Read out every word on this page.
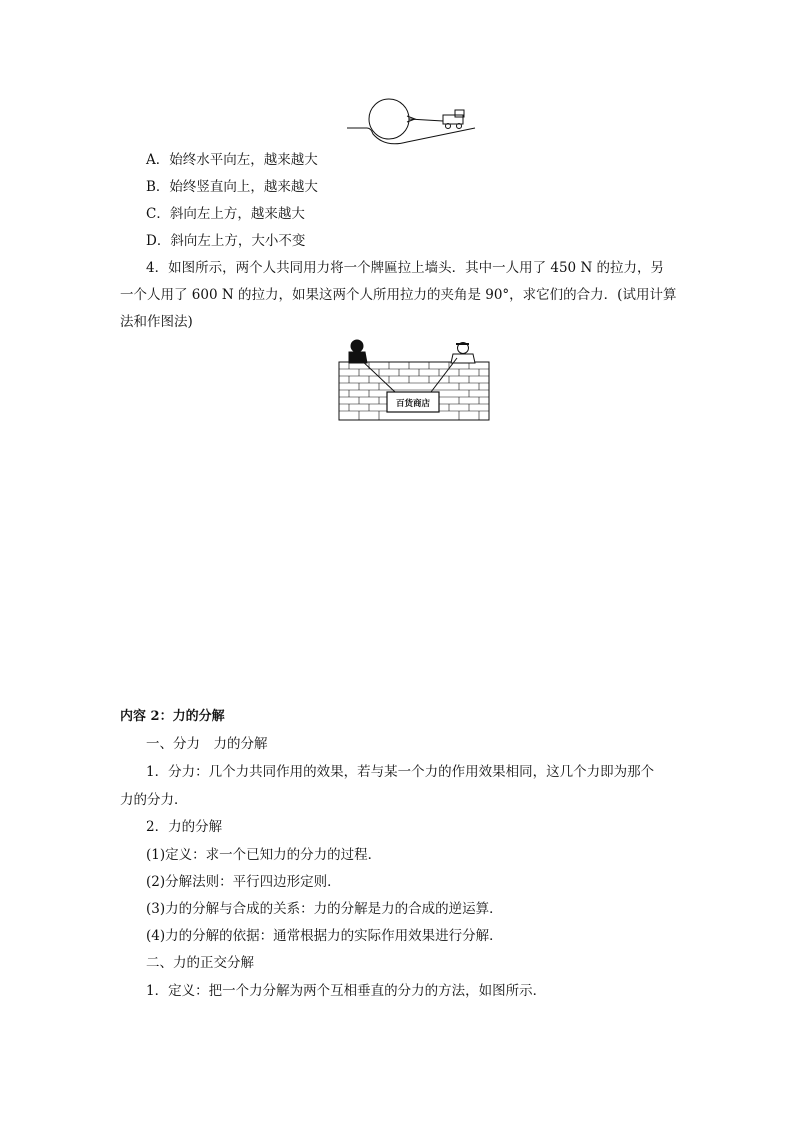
A．始终水平向左，越来越大
B．始终竖直向上，越来越大
C．斜向左上方，越来越大
D．斜向左上方，大小不变
4．如图所示，两个人共同用力将一个牌匾拉上墙头．其中一人用了 450 N 的拉力，另
一个人用了 600 N 的拉力，如果这两个人所用拉力的夹角是 90°，求它们的合力．(试用计算
法和作图法)
百货商店
内容 2：力的分解
一、分力　力的分解
1．分力：几个力共同作用的效果，若与某一个力的作用效果相同，这几个力即为那个
力的分力．
2．力的分解
(1)定义：求一个已知力的分力的过程．
(2)分解法则：平行四边形定则．
(3)力的分解与合成的关系：力的分解是力的合成的逆运算．
(4)力的分解的依据：通常根据力的实际作用效果进行分解．
二、力的正交分解
1．定义：把一个力分解为两个互相垂直的分力的方法，如图所示．
